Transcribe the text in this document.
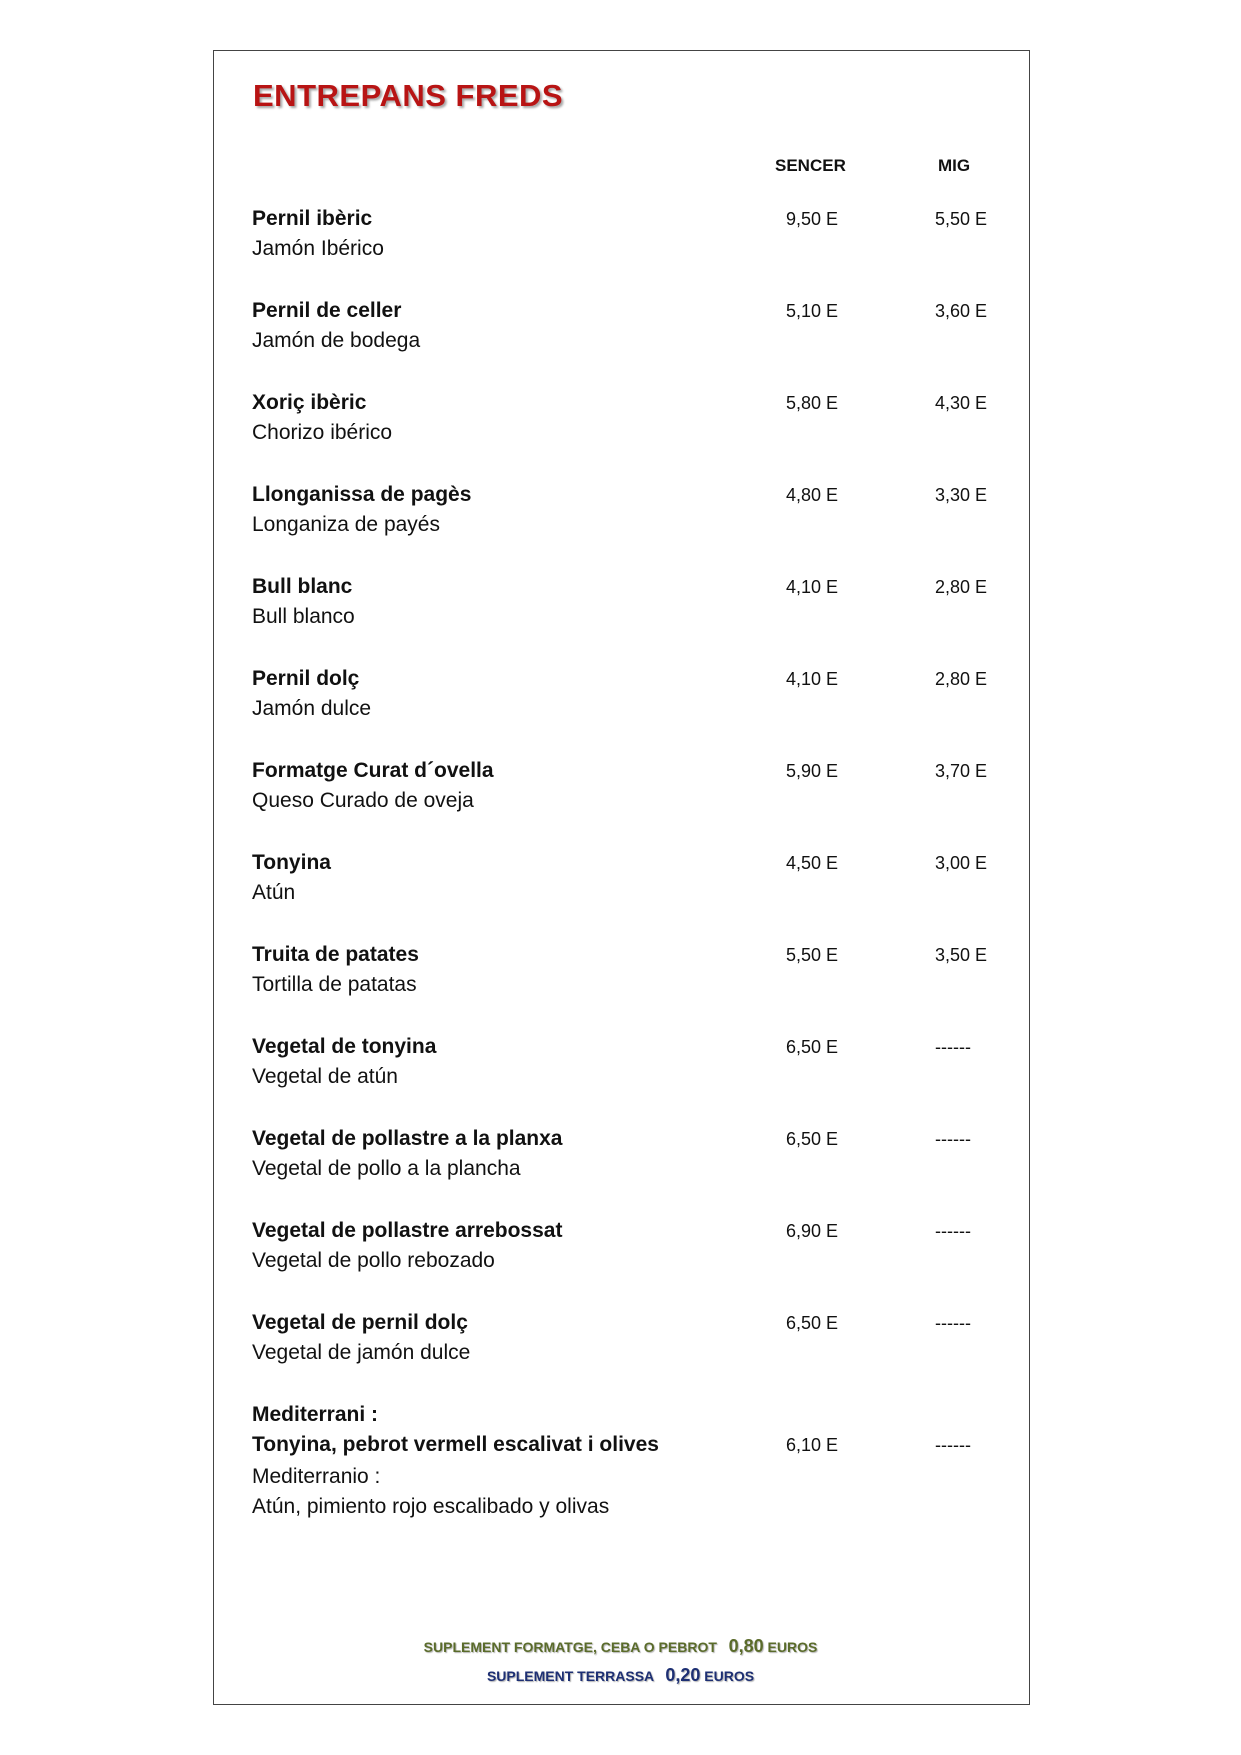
ENTREPANS FREDS
SENCER	MIG
Pernil ibèric
Jamón Ibérico
9,50 E	5,50 E
Pernil de celler
Jamón de bodega
5,10 E	3,60 E
Xoriç ibèric
Chorizo ibérico
5,80 E	4,30 E
Llonganissa de pagès
Longaniza de payés
4,80 E	3,30 E
Bull blanc
Bull blanco
4,10 E	2,80 E
Pernil dolç
Jamón dulce
4,10 E	2,80 E
Formatge Curat d´ovella
Queso Curado de oveja
5,90 E	3,70 E
Tonyina
Atún
4,50 E	3,00 E
Truita de patates
Tortilla de patatas
5,50 E	3,50 E
Vegetal de tonyina
Vegetal de atún
6,50 E	------
Vegetal de pollastre a la planxa
Vegetal de pollo a la plancha
6,50 E	------
Vegetal de pollastre arrebossat
Vegetal de pollo rebozado
6,90 E	------
Vegetal de pernil dolç
Vegetal de jamón dulce
6,50 E	------
Mediterrani :
Tonyina, pebrot vermell escalivat i olives
Mediterranio :
Atún, pimiento rojo escalibado y olivas
6,10 E	------
SUPLEMENT FORMATGE, CEBA O PEBROT 0,80 EUROS
SUPLEMENT TERRASSA 0,20 EUROS
